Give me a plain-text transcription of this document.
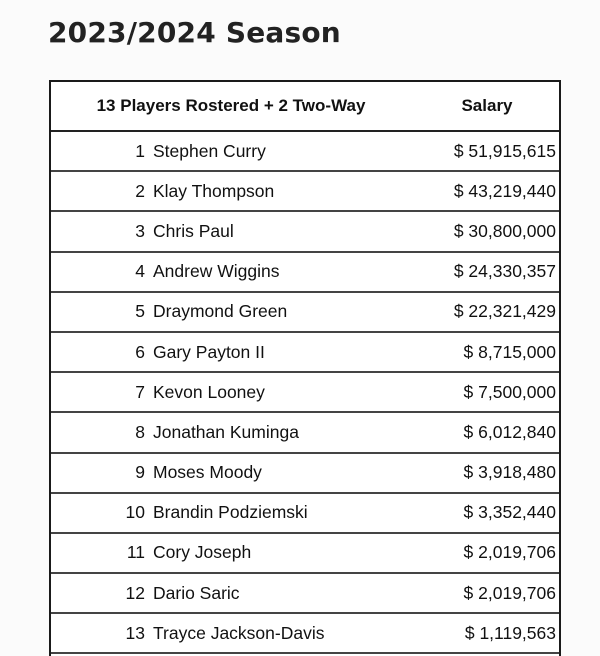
2023/2024 Season
13 Players Rostered + 2 Two-Way	Salary
1 Stephen Curry	$ 51,915,615
2 Klay Thompson	$ 43,219,440
3 Chris Paul	$ 30,800,000
4 Andrew Wiggins	$ 24,330,357
5 Draymond Green	$ 22,321,429
6 Gary Payton II	$ 8,715,000
7 Kevon Looney	$ 7,500,000
8 Jonathan Kuminga	$ 6,012,840
9 Moses Moody	$ 3,918,480
10 Brandin Podziemski	$ 3,352,440
11 Cory Joseph	$ 2,019,706
12 Dario Saric	$ 2,019,706
13 Trayce Jackson-Davis	$ 1,119,563
